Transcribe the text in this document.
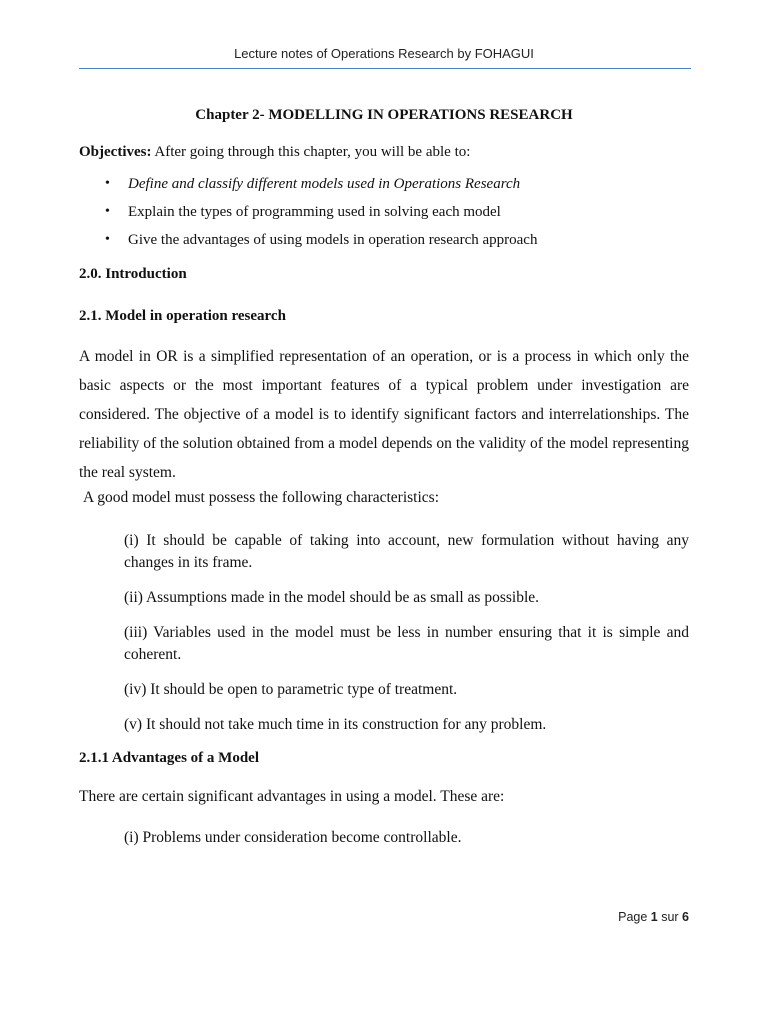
Lecture notes of Operations Research by FOHAGUI
Chapter 2- MODELLING IN OPERATIONS RESEARCH

Objectives: After going through this chapter, you will be able to:

• Define and classify different models used in Operations Research
• Explain the types of programming used in solving each model
• Give the advantages of using models in operation research approach
2.0. Introduction
2.1. Model in operation research

A model in OR is a simplified representation of an operation, or is a process in which only the basic aspects or the most important features of a typical problem under investigation are considered. The objective of a model is to identify significant factors and interrelationships. The reliability of the solution obtained from a model depends on the validity of the model representing the real system.

A good model must possess the following characteristics:

(i) It should be capable of taking into account, new formulation without having any changes in its frame.

(ii) Assumptions made in the model should be as small as possible.

(iii) Variables used in the model must be less in number ensuring that it is simple and coherent.

(iv) It should be open to parametric type of treatment.

(v) It should not take much time in its construction for any problem.

2.1.1 Advantages of a Model

There are certain significant advantages in using a model. These are:

(i) Problems under consideration become controllable.

Page 1 sur 6
